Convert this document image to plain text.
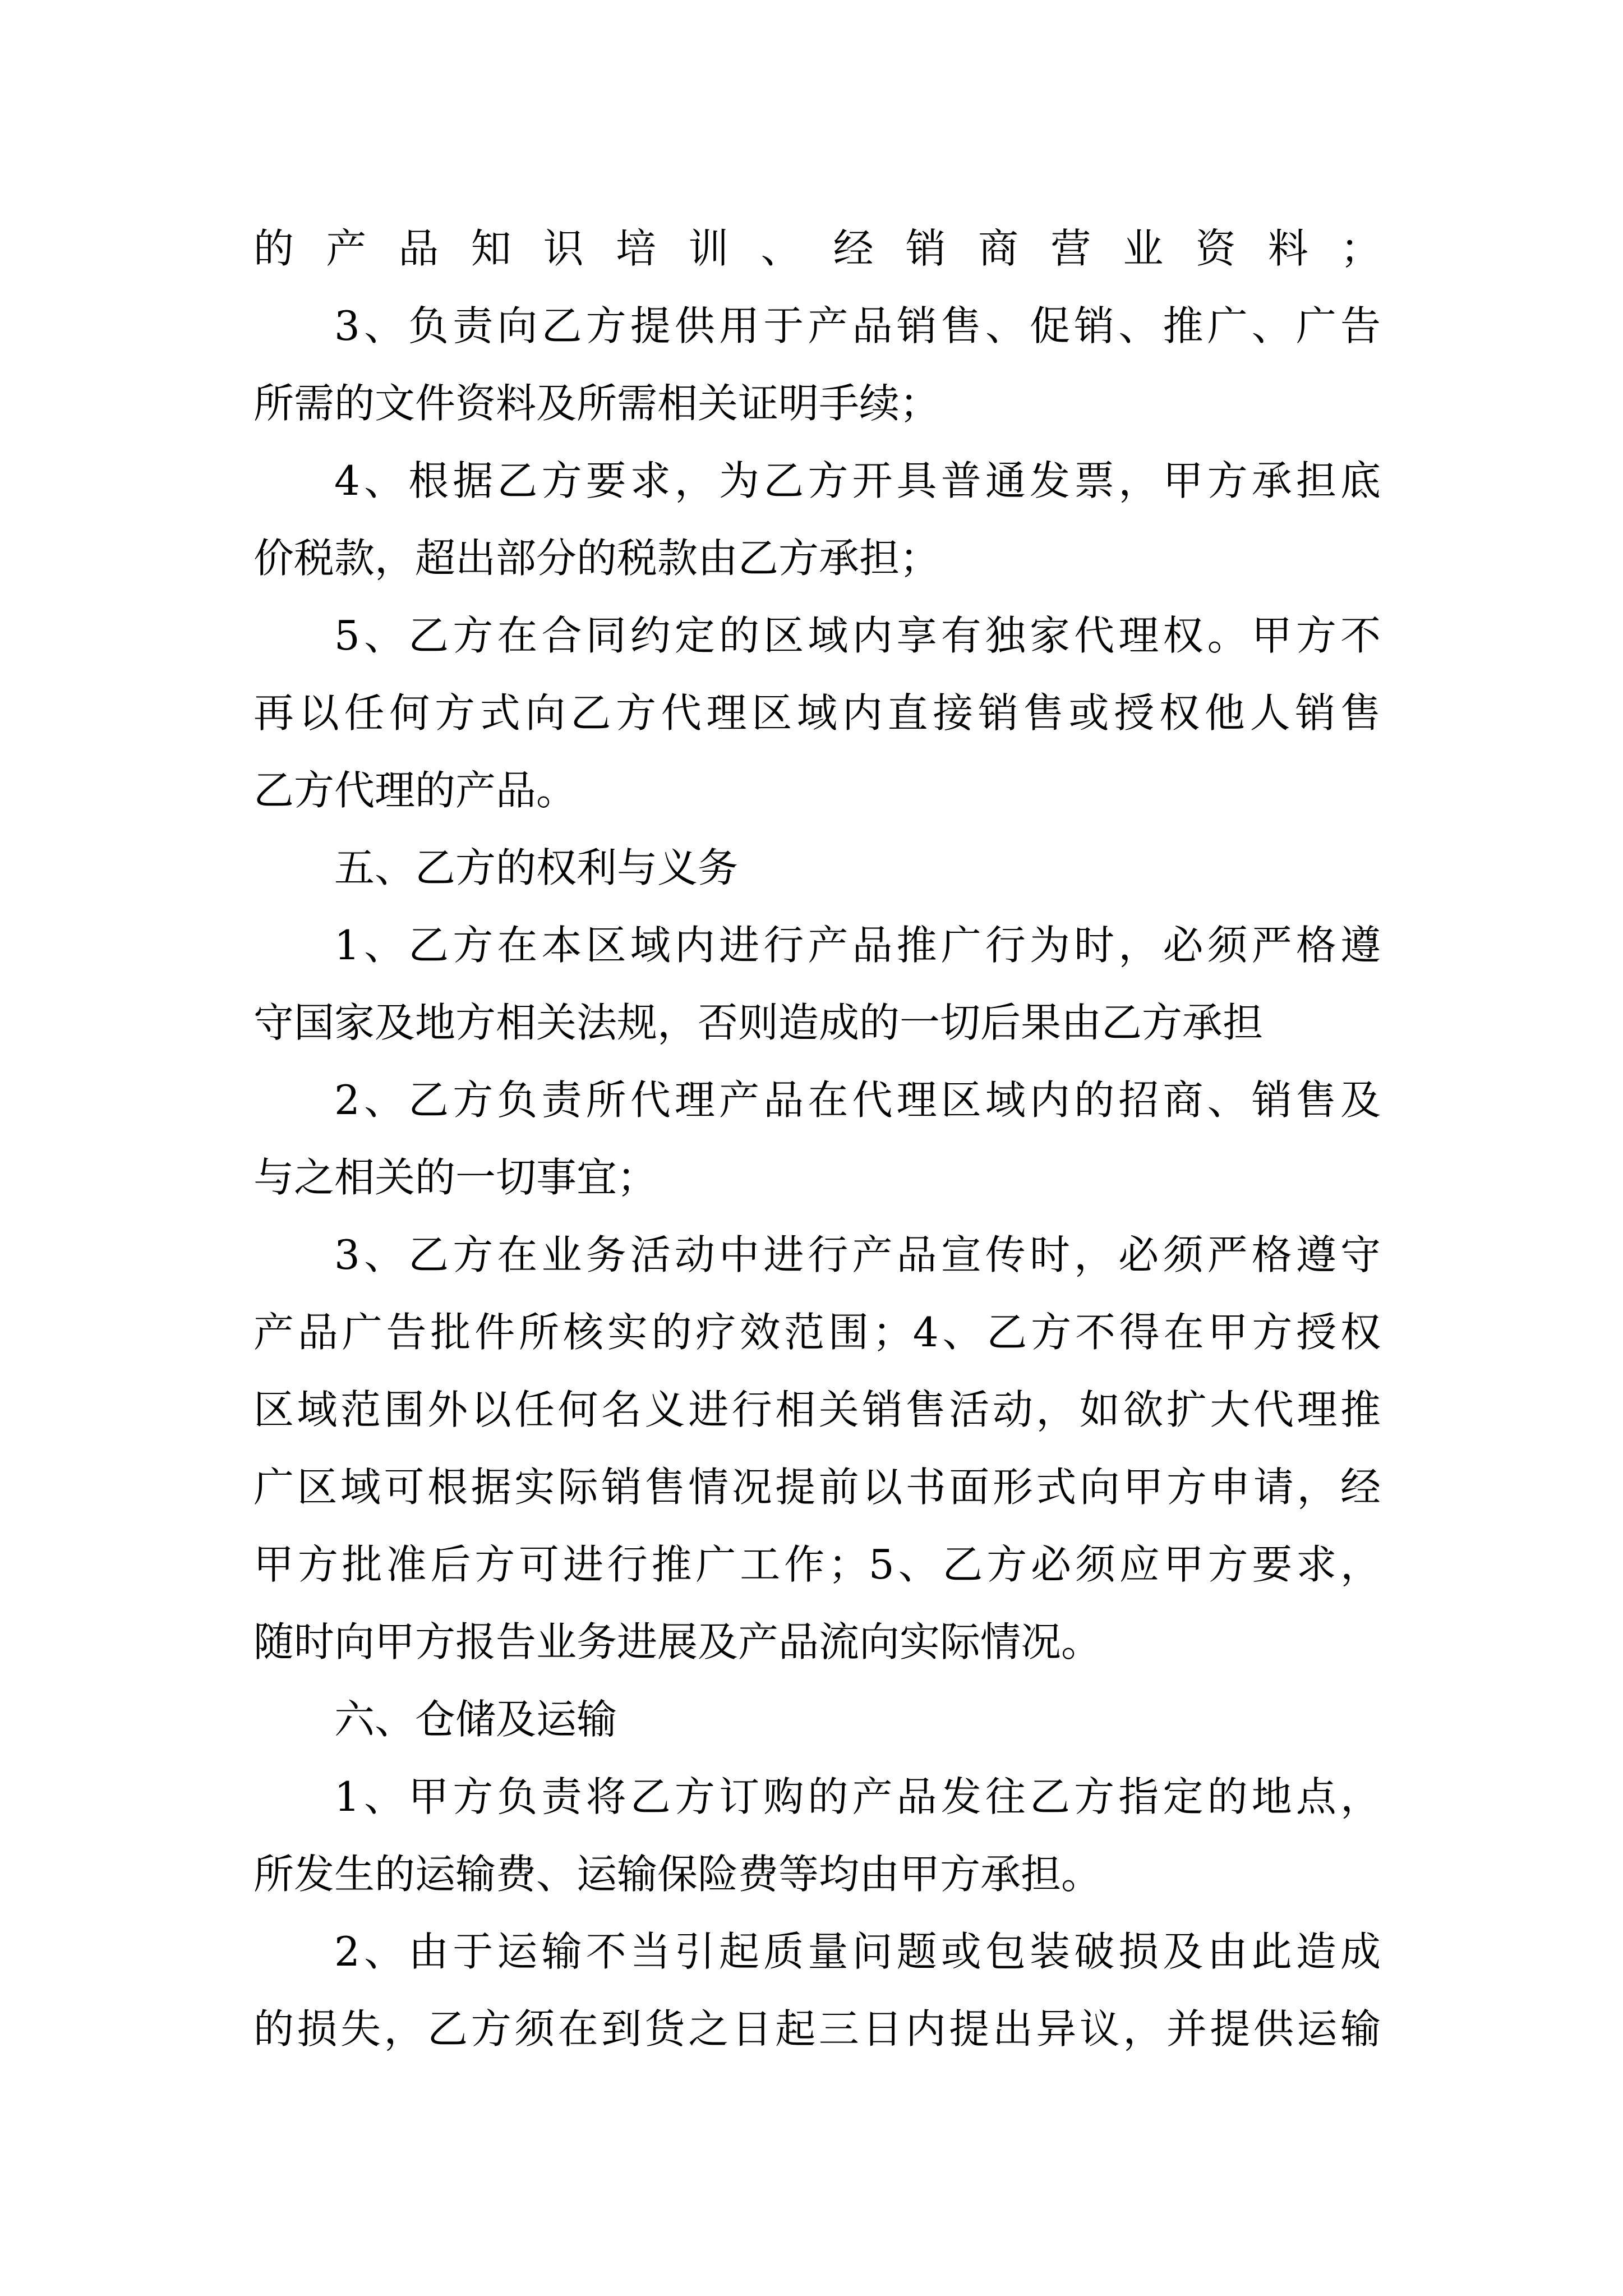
的产品知识培训、经销商营业资料；
3、负责向乙方提供用于产品销售、促销、推广、广告
所需的文件资料及所需相关证明手续；
4、根据乙方要求，为乙方开具普通发票，甲方承担底
价税款，超出部分的税款由乙方承担；
5、乙方在合同约定的区域内享有独家代理权。甲方不
再以任何方式向乙方代理区域内直接销售或授权他人销售
乙方代理的产品。
五、乙方的权利与义务
1、乙方在本区域内进行产品推广行为时，必须严格遵
守国家及地方相关法规，否则造成的一切后果由乙方承担
2、乙方负责所代理产品在代理区域内的招商、销售及
与之相关的一切事宜；
3、乙方在业务活动中进行产品宣传时，必须严格遵守
产品广告批件所核实的疗效范围；4、乙方不得在甲方授权
区域范围外以任何名义进行相关销售活动，如欲扩大代理推
广区域可根据实际销售情况提前以书面形式向甲方申请，经
甲方批准后方可进行推广工作；5、乙方必须应甲方要求，
随时向甲方报告业务进展及产品流向实际情况。
六、仓储及运输
1、甲方负责将乙方订购的产品发往乙方指定的地点，
所发生的运输费、运输保险费等均由甲方承担。
2、由于运输不当引起质量问题或包装破损及由此造成
的损失，乙方须在到货之日起三日内提出异议，并提供运输
